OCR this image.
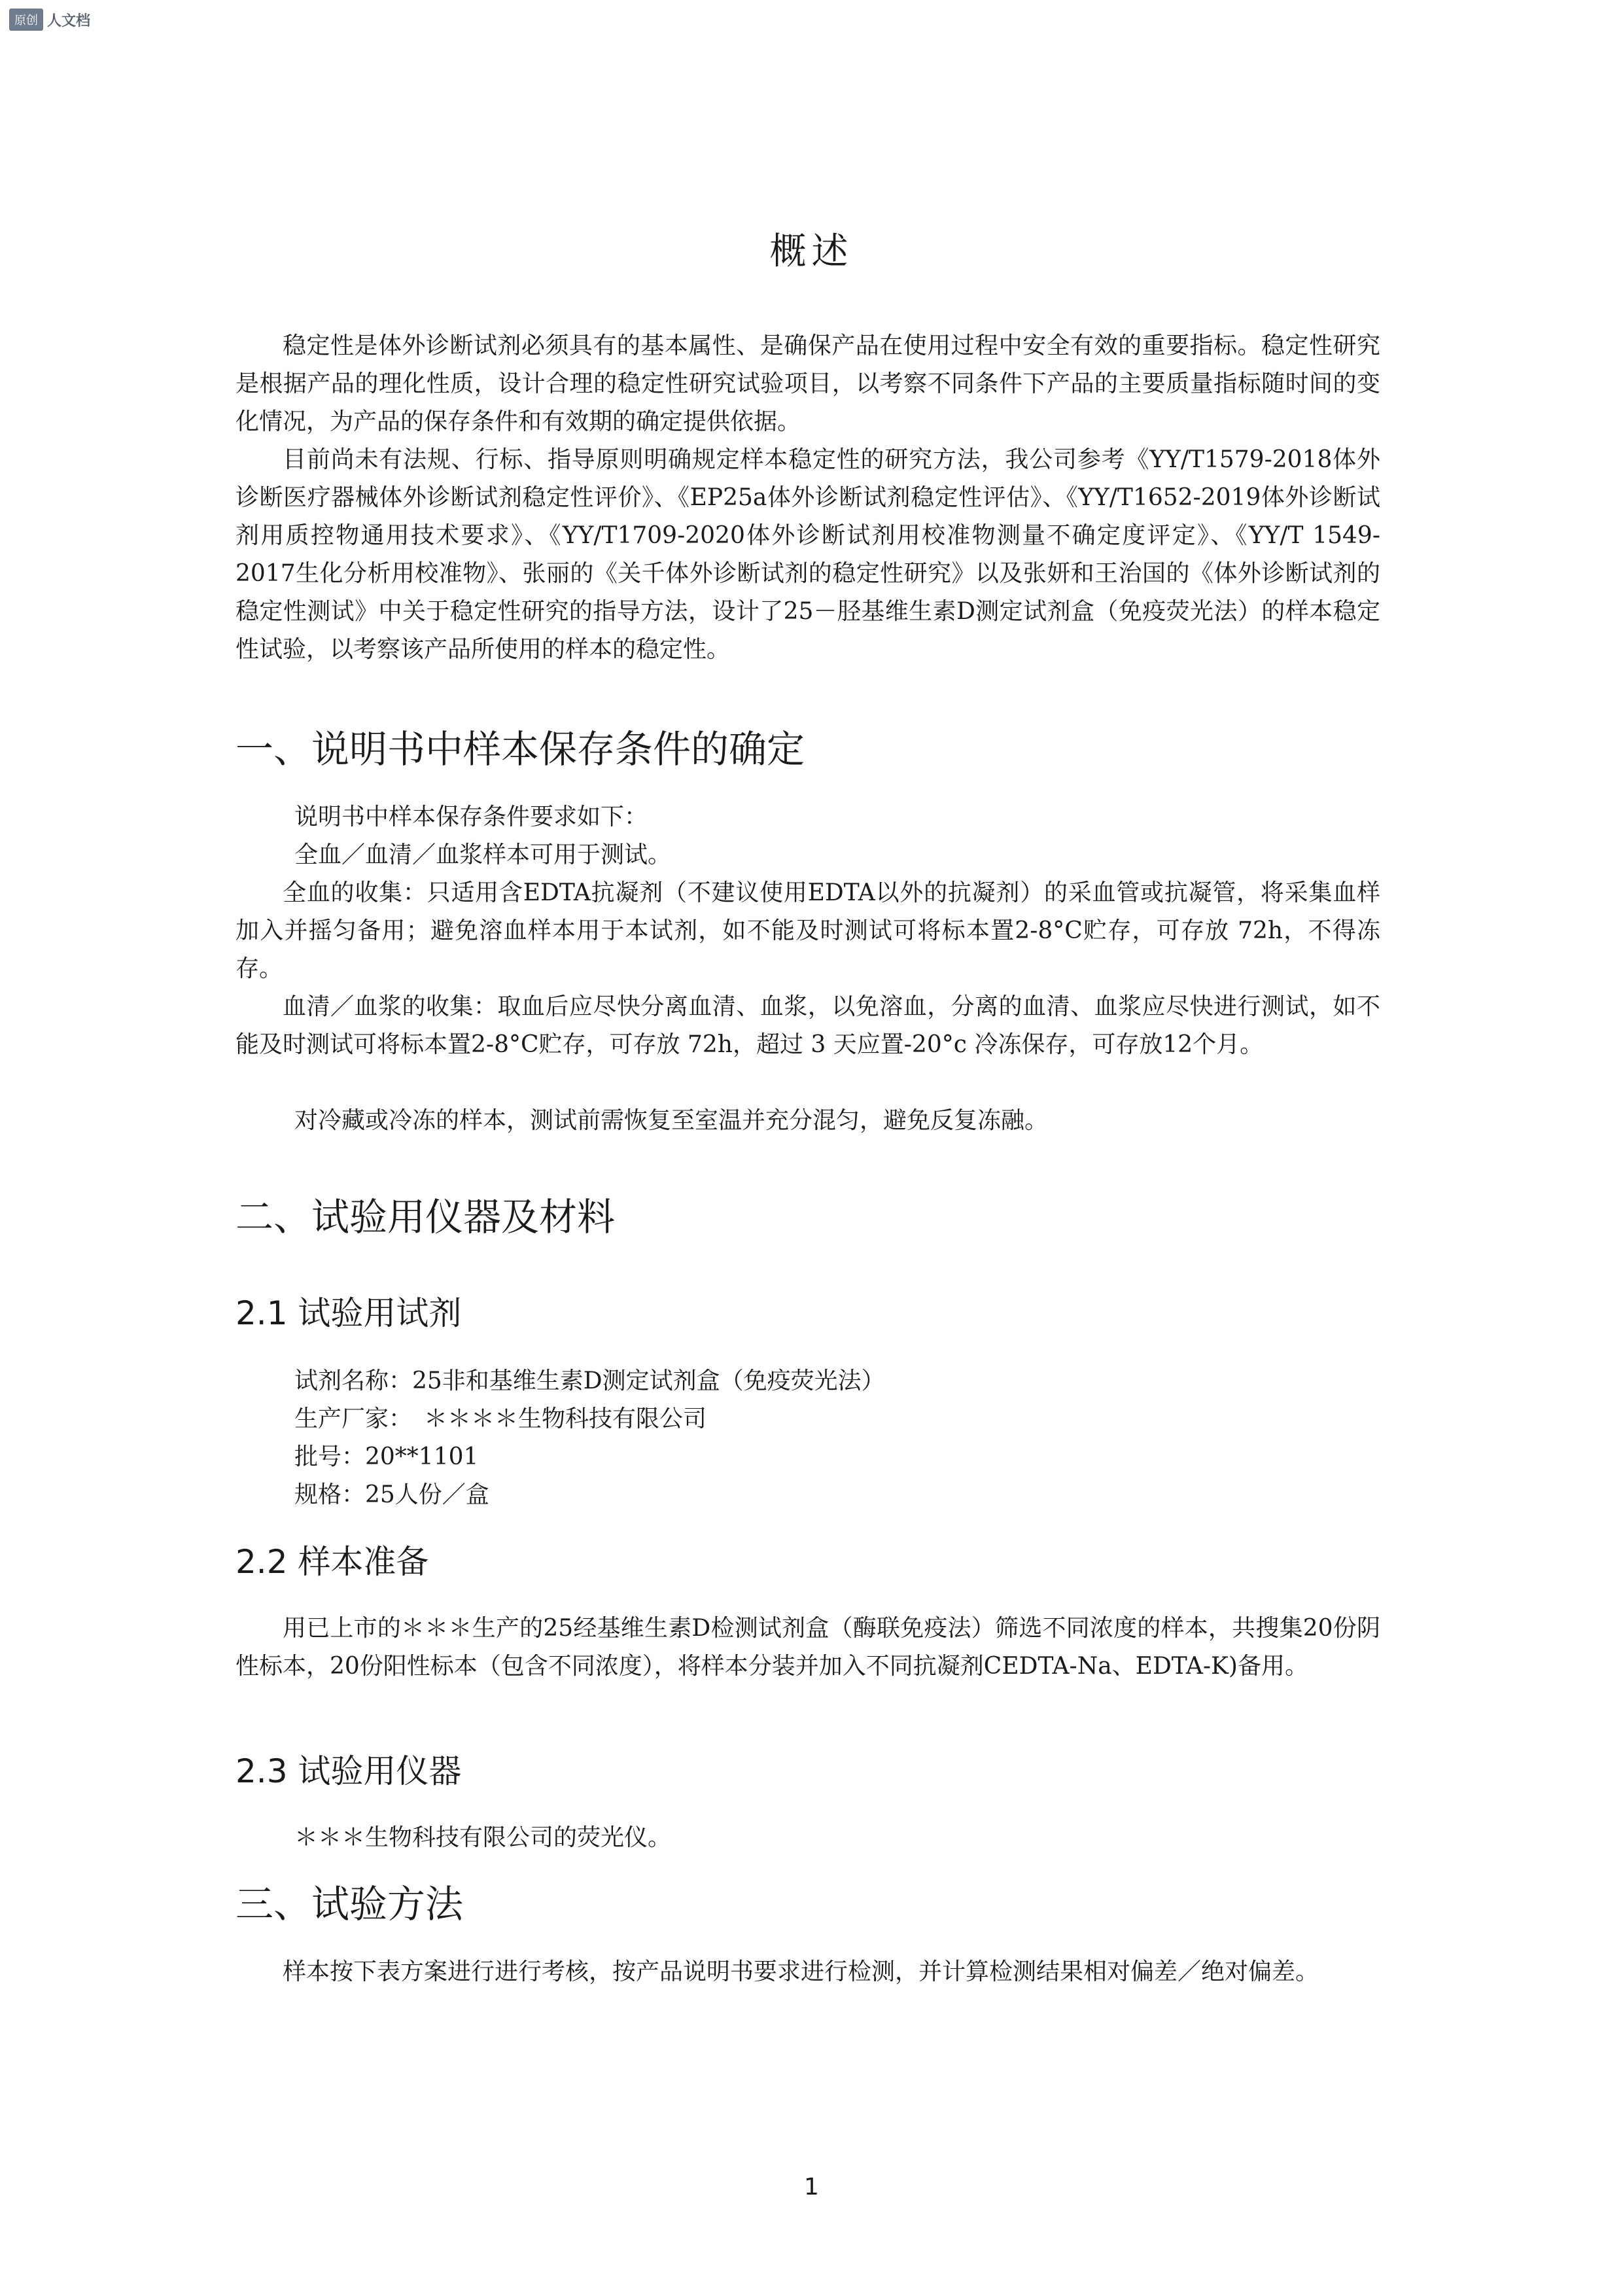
原创 人文档
概述

稳定性是体外诊断试剂必须具有的基本属性、是确保产品在使用过程中安全有效的重要指标。稳定性研究是根据产品的理化性质，设计合理的稳定性研究试验项目，以考察不同条件下产品的主要质量指标随时间的变化情况，为产品的保存条件和有效期的确定提供依据。

目前尚未有法规、行标、指导原则明确规定样本稳定性的研究方法，我公司参考《YY/T1579-2018体外诊断医疗器械体外诊断试剂稳定性评价》、《EP25a体外诊断试剂稳定性评估》、《YY/T1652-2019体外诊断试剂用质控物通用技术要求》、《YY/T1709-2020体外诊断试剂用校准物测量不确定度评定》、《YY/T 1549-2017生化分析用校准物》、张丽的《关千体外诊断试剂的稳定性研究》以及张妍和王治国的《体外诊断试剂的稳定性测试》中关于稳定性研究的指导方法，设计了25－胫基维生素D测定试剂盒（免疫荧光法）的样本稳定性试验，以考察该产品所使用的样本的稳定性。

一、说明书中样本保存条件的确定
说明书中样本保存条件要求如下：
全血／血清／血浆样本可用于测试。

全血的收集：只适用含EDTA抗凝剂（不建议使用EDTA以外的抗凝剂）的采血管或抗凝管，将采集血样加入并摇匀备用；避免溶血样本用于本试剂，如不能及时测试可将标本置2-8°C贮存，可存放 72h，不得冻存。

血清／血浆的收集：取血后应尽快分离血清、血浆，以免溶血，分离的血清、血浆应尽快进行测试，如不能及时测试可将标本置2-8°C贮存，可存放 72h，超过 3 天应置-20°c 冷冻保存，可存放12个月。

对冷藏或冷冻的样本，测试前需恢复至室温并充分混匀，避免反复冻融。
二、试验用仪器及材料
2.1 试验用试剂
试剂名称：25非和基维生素D测定试剂盒（免疫荧光法）
生产厂家：　＊＊＊＊生物科技有限公司
批号：20**1101
规格：25人份／盒
2.2 样本准备

用已上市的＊＊＊生产的25经基维生素D检测试剂盒（酶联免疫法）筛选不同浓度的样本，共搜集20份阴性标本，20份阳性标本（包含不同浓度），将样本分装并加入不同抗凝剂CEDTA-Na、EDTA-K)备用。

2.3 试验用仪器
＊＊＊生物科技有限公司的荧光仪。
三、试验方法

样本按下表方案进行进行考核，按产品说明书要求进行检测，并计算检测结果相对偏差／绝对偏差。

1
